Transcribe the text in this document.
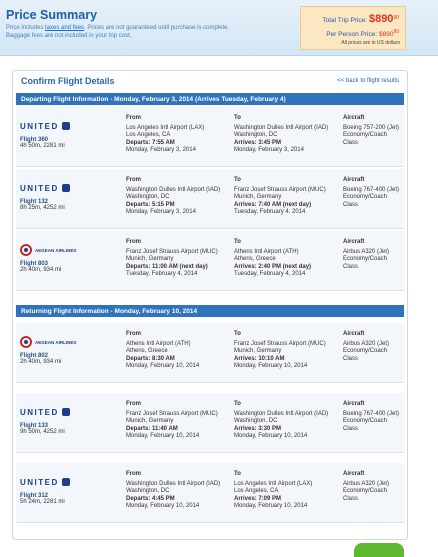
Price Summary
Price includes taxes and fees. Prices are not guaranteed until purchase is complete.
Baggage fees are not included in your trip cost.
Total Trip Price: $\$890^{90}$
Per Person Price: $\$890^{90}$
All prices are in US dollars
Confirm Flight Details	<< back to flight results
Departing Flight Information - Monday, February 3, 2014 (Arrives Tuesday, February 4)
UNITED
Flight 360
4h 50m, 2281 mi
From
Los Angeles Intl Airport (LAX)
Los Angeles, CA
Departs: 7:55 AM
Monday, February 3, 2014
To
Washington Dulles Intl Airport (IAD)
Washington, DC
Arrives: 3:45 PM
Monday, February 3, 2014
Aircraft
Boeing 757-200 (Jet)
Economy/Coach Class
UNITED
Flight 132
8h 25m, 4252 mi
From
Washington Dulles Intl Airport (IAD)
Washington, DC
Departs: 5:15 PM
Monday, February 3, 2014
To
Franz Josef Strauss Airport (MUC)
Munich, Germany
Arrives: 7:40 AM (next day)
Tuesday, February 4, 2014
Aircraft
Boeing 767-400 (Jet)
Economy/Coach Class
AEGEAN AIRLINES
Flight 803
2h 40m, 934 mi
From
Franz Josef Strauss Airport (MUC)
Munich, Germany
Departs: 11:00 AM (next day)
Tuesday, February 4, 2014
To
Athens Intl Airport (ATH)
Athens, Greece
Arrives: 2:40 PM (next day)
Tuesday, February 4, 2014
Aircraft
Airbus A320 (Jet)
Economy/Coach Class
Returning Flight Information - Monday, February 10, 2014
AEGEAN AIRLINES
Flight 802
2h 40m, 934 mi
From
Athens Intl Airport (ATH)
Athens, Greece
Departs: 8:30 AM
Monday, February 10, 2014
To
Franz Josef Strauss Airport (MUC)
Munich, Germany
Arrives: 10:10 AM
Monday, February 10, 2014
Aircraft
Airbus A320 (Jet)
Economy/Coach Class
UNITED
Flight 133
9h 50m, 4252 mi
From
Franz Josef Strauss Airport (MUC)
Munich, Germany
Departs: 11:40 AM
Monday, February 10, 2014
To
Washington Dulles Intl Airport (IAD)
Washington, DC
Arrives: 3:30 PM
Monday, February 10, 2014
Aircraft
Boeing 767-400 (Jet)
Economy/Coach Class
UNITED
Flight 312
5h 24m, 2281 mi
From
Washington Dulles Intl Airport (IAD)
Washington, DC
Departs: 4:45 PM
Monday, February 10, 2014
To
Los Angeles Intl Airport (LAX)
Los Angeles, CA
Arrives: 7:09 PM
Monday, February 10, 2014
Aircraft
Airbus A320 (Jet)
Economy/Coach Class
